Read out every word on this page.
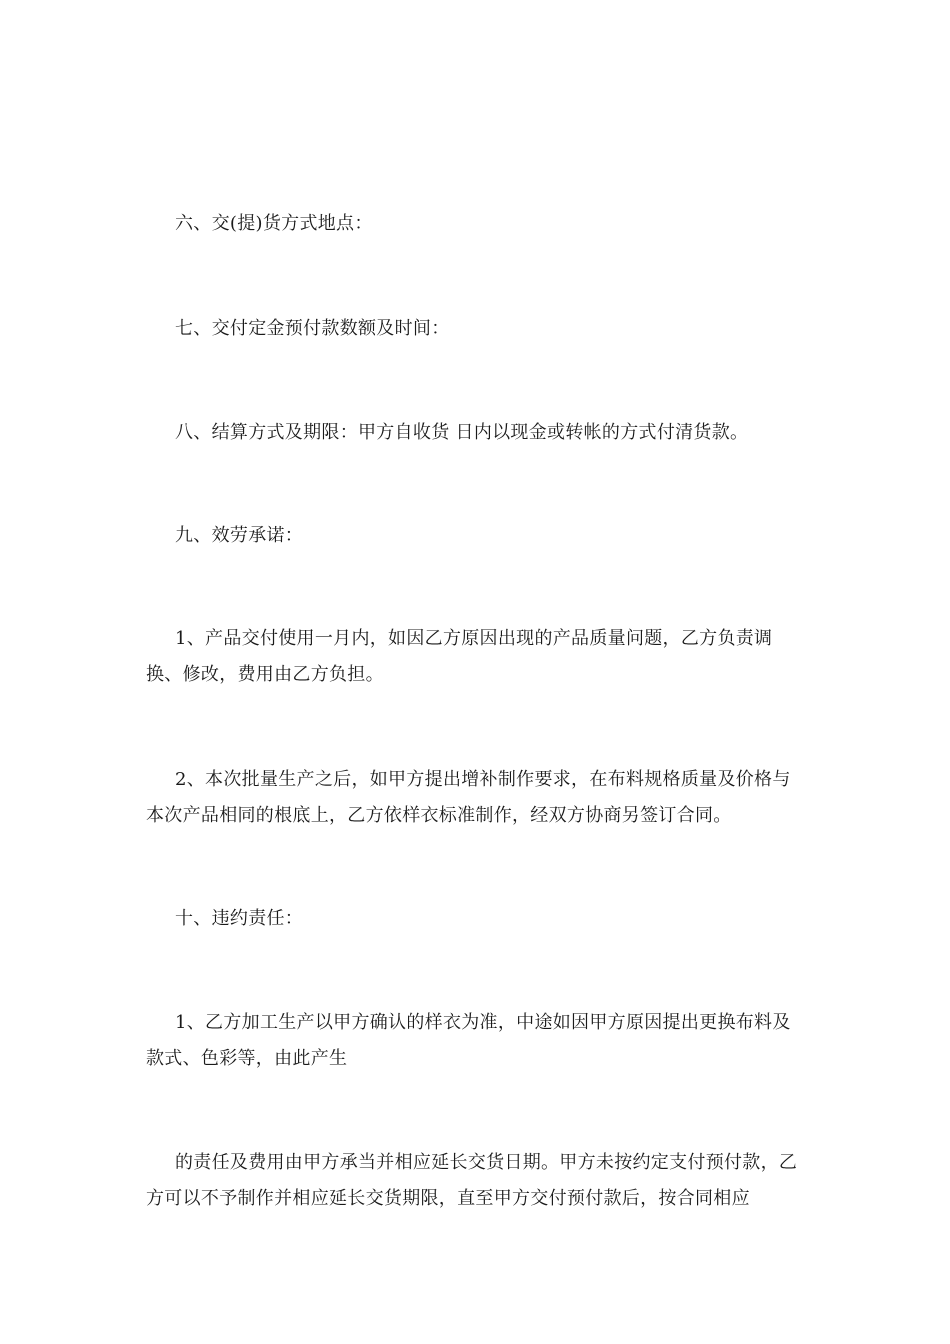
六、交(提)货方式地点：

七、交付定金预付款数额及时间：

八、结算方式及期限：甲方自收货 日内以现金或转帐的方式付清货款。

九、效劳承诺：

1、产品交付使用一月内，如因乙方原因出现的产品质量问题，乙方负责调换、修改，费用由乙方负担。

2、本次批量生产之后，如甲方提出增补制作要求，在布料规格质量及价格与本次产品相同的根底上，乙方依样衣标准制作，经双方协商另签订合同。

十、违约责任：

1、乙方加工生产以甲方确认的样衣为准，中途如因甲方原因提出更换布料及款式、色彩等，由此产生

的责任及费用由甲方承当并相应延长交货日期。甲方未按约定支付预付款，乙方可以不予制作并相应延长交货期限，直至甲方交付预付款后，按合同相应
